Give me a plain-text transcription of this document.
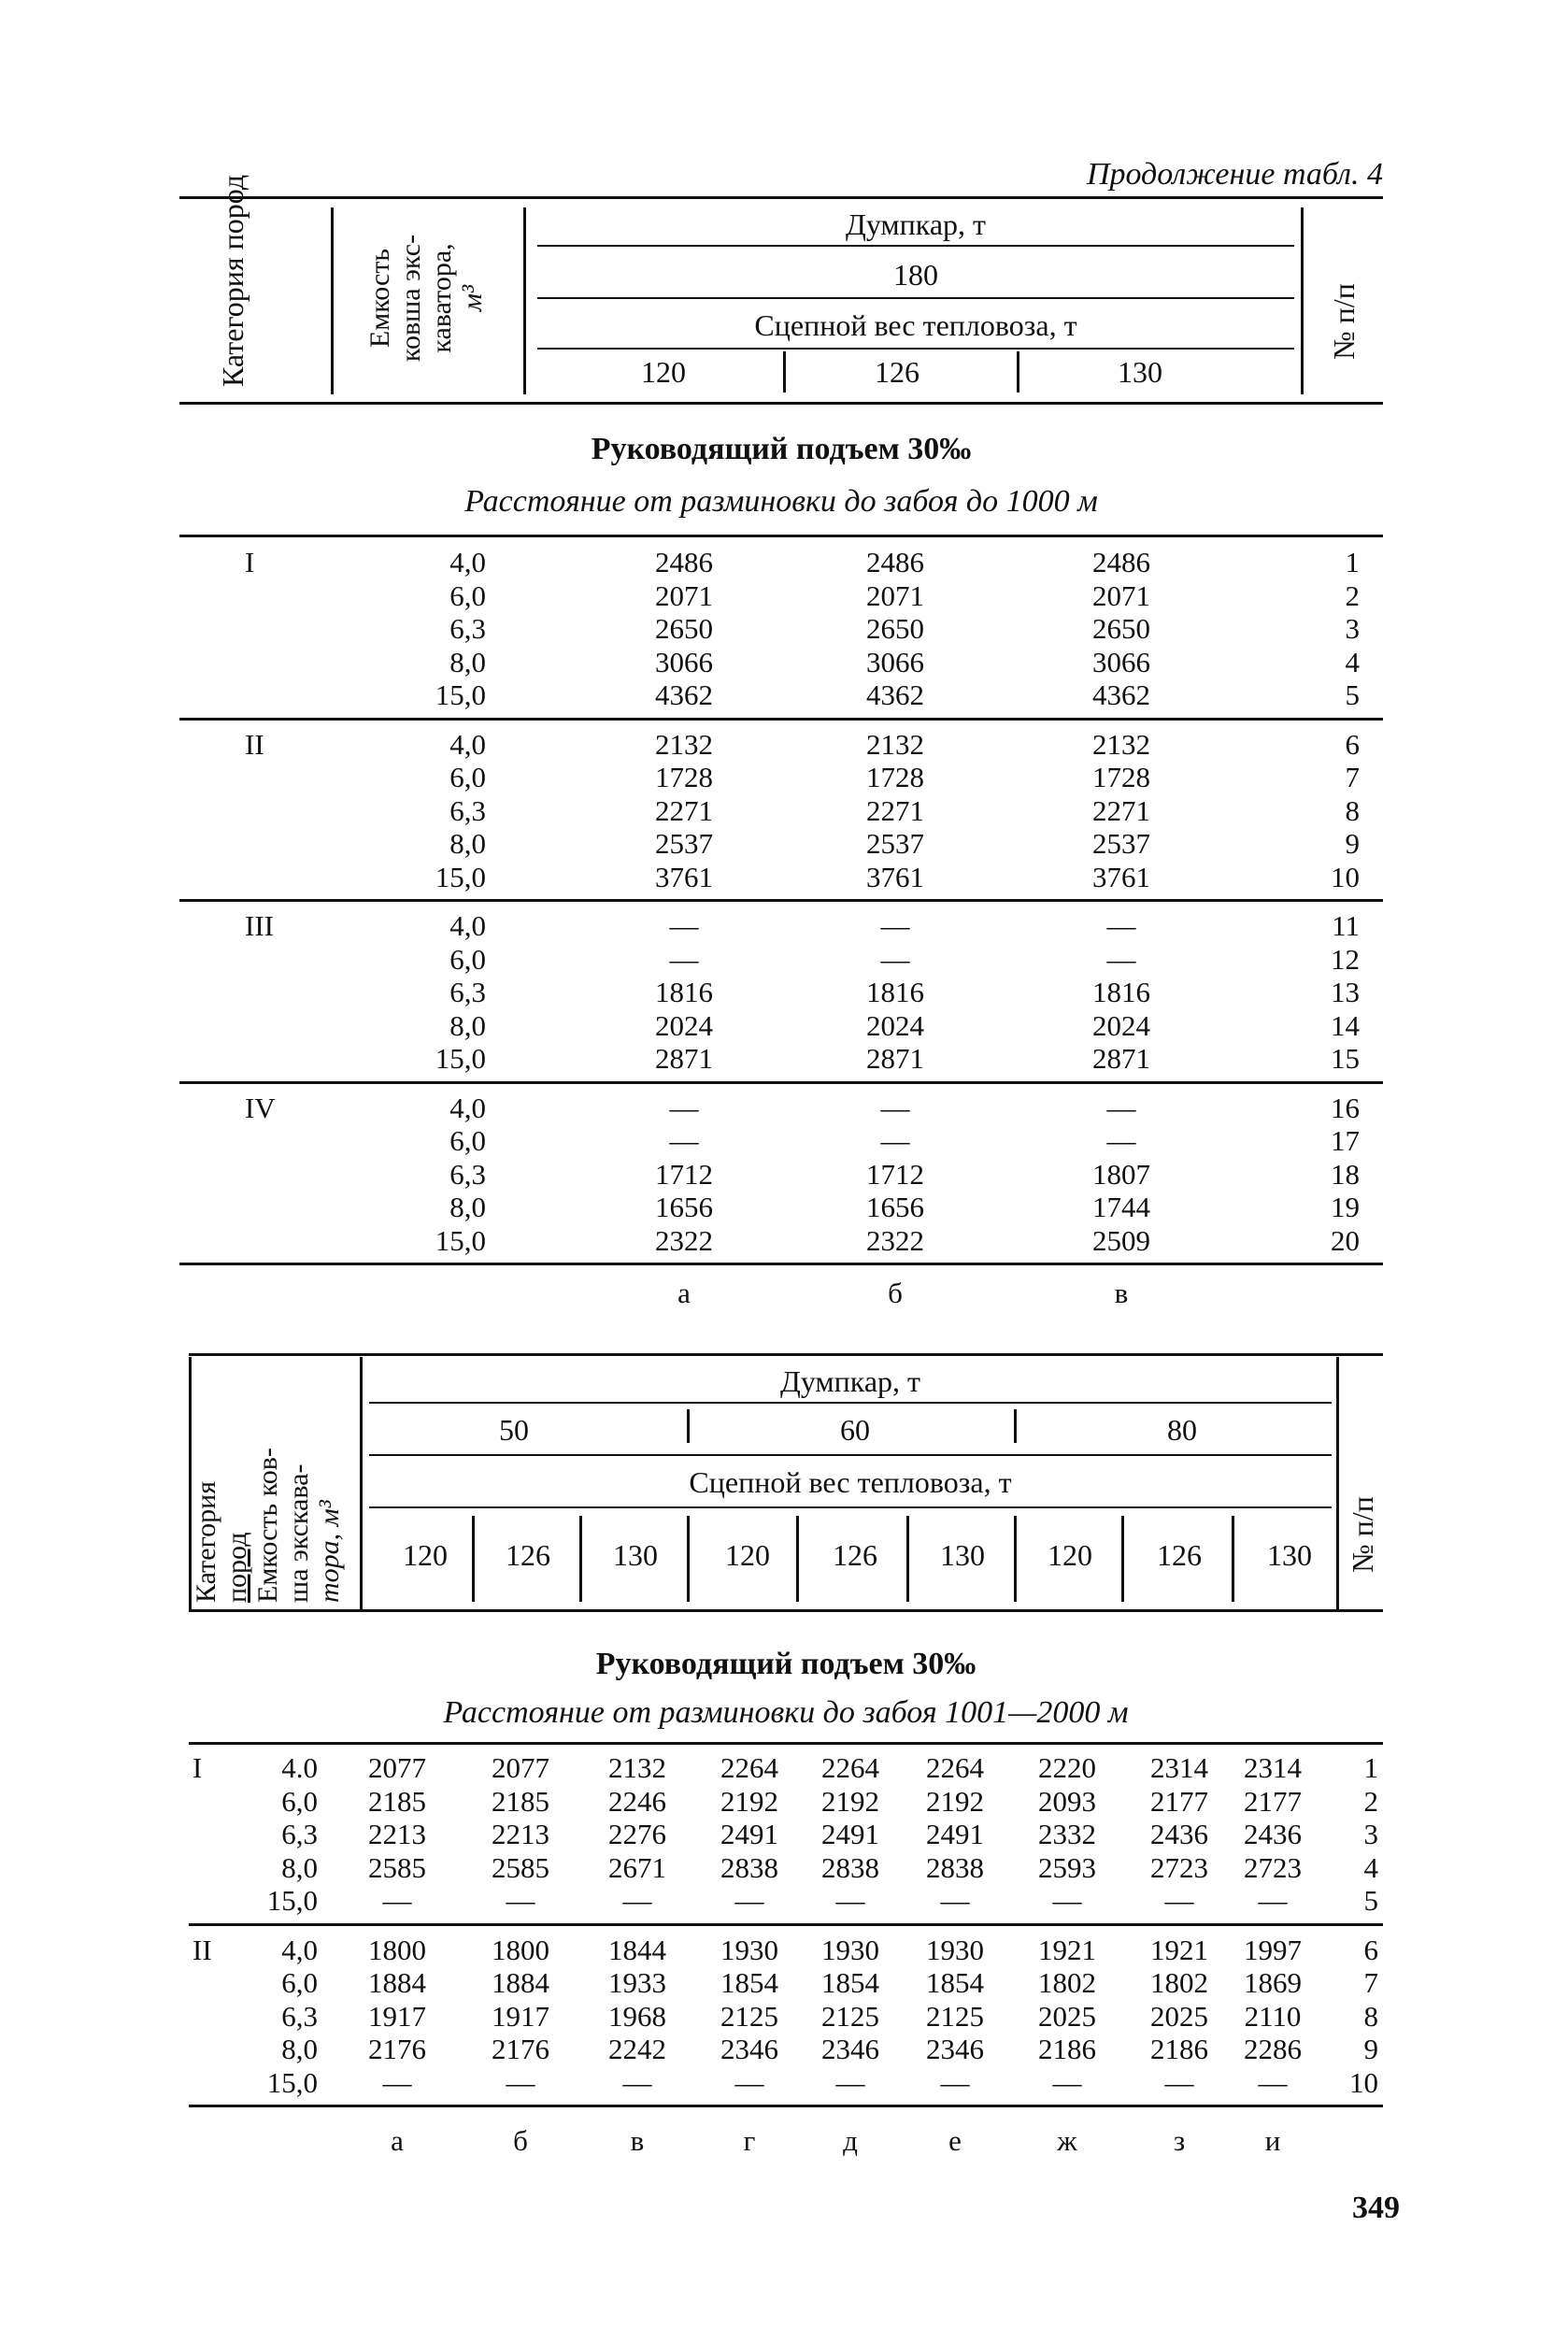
Продолжение табл. 4
Категория пород	Емкость ковша экс- каватора, м³
Думпкар, т
180
Сцепной вес тепловоза, т
120	126	130
№ п/п
Руководящий подъем 30‰
Расстояние от разминовки до забоя до 1000 м
I	4,0	2486	2486	2486	1
6,0	2071	2071	2071	2
6,3	2650	2650	2650	3
8,0	3066	3066	3066	4
15,0	4362	4362	4362	5
II	4,0	2132	2132	2132	6
6,0	1728	1728	1728	7
6,3	2271	2271	2271	8
8,0	2537	2537	2537	9
15,0	3761	3761	3761	10
III	4,0	—	—	—	11
6,0	—	—	—	12
6,3	1816	1816	1816	13
8,0	2024	2024	2024	14
15,0	2871	2871	2871	15
IV	4,0	—	—	—	16
6,0	—	—	—	17
6,3	1712	1712	1807	18
8,0	1656	1656	1744	19
15,0	2322	2322	2509	20
а	б	в
Категория пород Емкость ков- ша экскава- тора, м³
Думпкар, т
50	60	80
Сцепной вес тепловоза, т
120	126	130	120	126	130	120	126	130	№ п/п
Руководящий подъем 30‰
Расстояние от разминовки до забоя 1001—2000 м
I	4.0	2077	2077	2132	2264	2264	2264	2220	2314	2314	1
6,0	2185	2185	2246	2192	2192	2192	2093	2177	2177	2
6,3	2213	2213	2276	2491	2491	2491	2332	2436	2436	3
8,0	2585	2585	2671	2838	2838	2838	2593	2723	2723	4
15,0	—	—	—	—	—	—	—	—	—	5
II	4,0	1800	1800	1844	1930	1930	1930	1921	1921	1997	6
6,0	1884	1884	1933	1854	1854	1854	1802	1802	1869	7
6,3	1917	1917	1968	2125	2125	2125	2025	2025	2110	8
8,0	2176	2176	2242	2346	2346	2346	2186	2186	2286	9
15,0	—	—	—	—	—	—	—	—	—	10
а	б	в	г	д	е	ж	з	и
349
